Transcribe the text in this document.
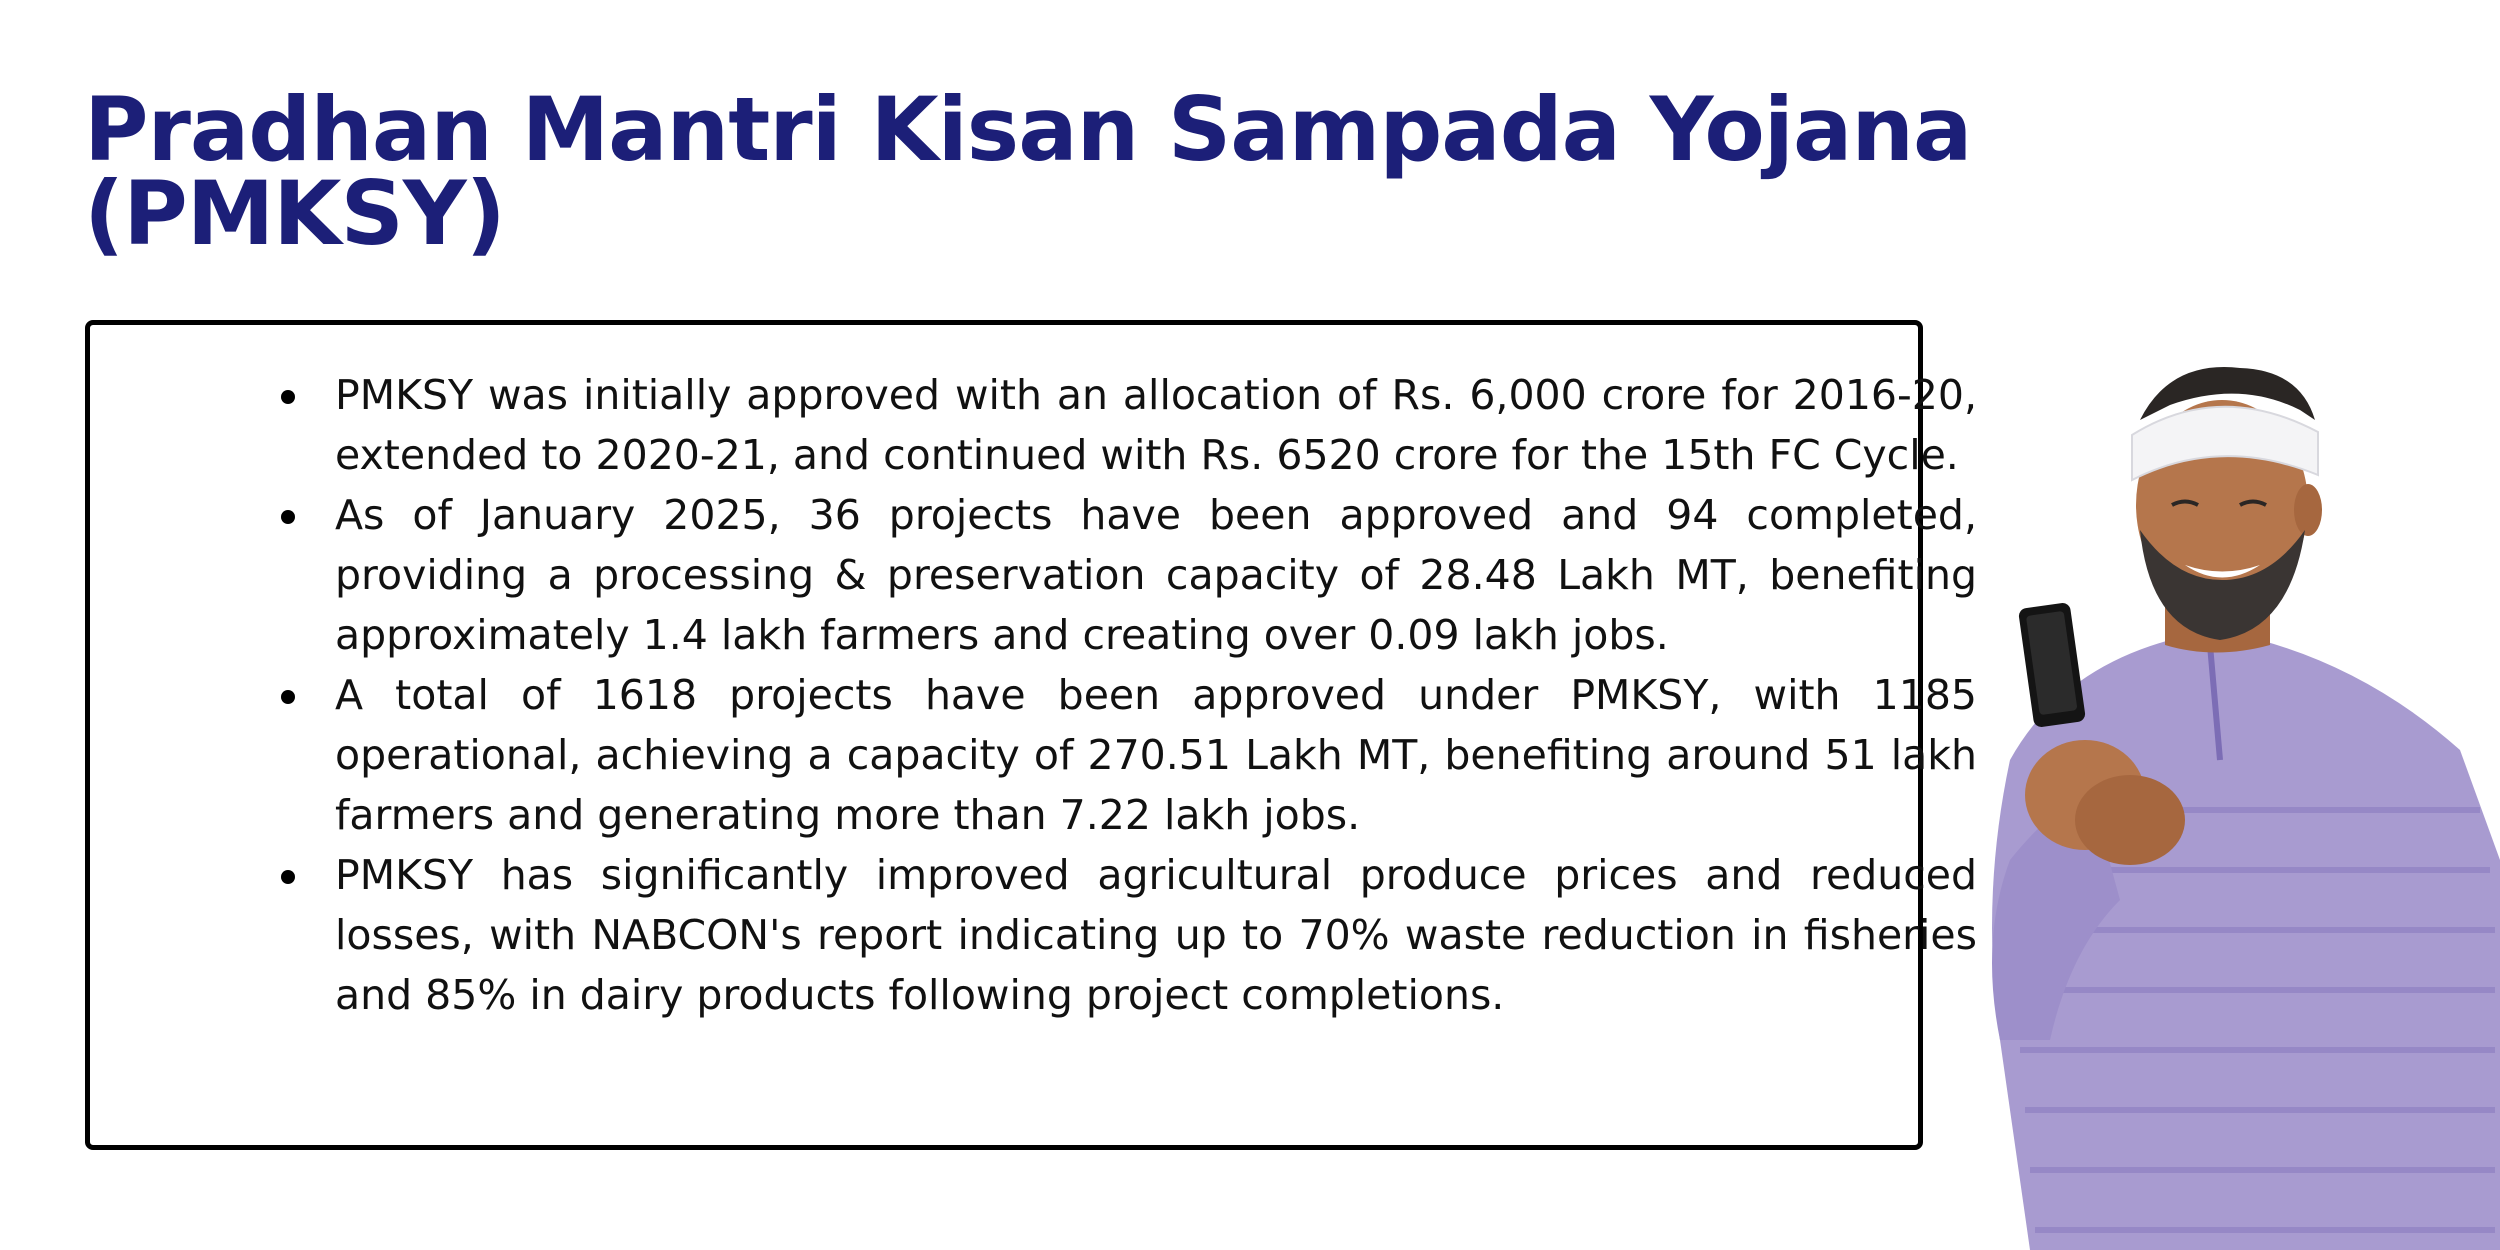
Pradhan Mantri Kisan Sampada Yojana (PMKSY)
PMKSY was initially approved with an allocation of Rs. 6,000 crore for 2016-20, extended to 2020-21, and continued with Rs. 6520 crore for the 15th FC Cycle.
As of January 2025, 36 projects have been approved and 94 completed, providing a processing & preservation capacity of 28.48 Lakh MT, benefiting approximately 1.4 lakh farmers and creating over 0.09 lakh jobs.
A total of 1618 projects have been approved under PMKSY, with 1185 operational, achieving a capacity of 270.51 Lakh MT, benefiting around 51 lakh farmers and generating more than 7.22 lakh jobs.
PMKSY has significantly improved agricultural produce prices and reduced losses, with NABCON's report indicating up to 70% waste reduction in fisheries and 85% in dairy products following project completions.
